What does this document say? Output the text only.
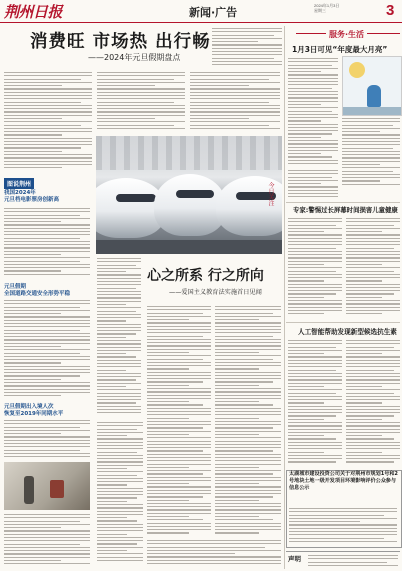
荆州日报	新闻·广告
2024年1月3日
星期三	3
消费旺 市场热 出行畅
——2024年元旦假期盘点
今日关注
图说荆州
我国2024年
元旦档电影票房创新高
元旦假期
全国道路交通安全形势平稳
元旦假期出入境人次
恢复至2019年同期水平
心之所系 行之所向
——爱国主义教育法实施首日见闻
服务·生活
1月3日可见“年度最大月亮”
专家:警惕过长屏幕时间损害儿童健康
人工智能帮助发现新型候选抗生素
太湖城市建设投资公司关于对荆州市规划1号和2号地块土地一级开发项目环境影响评价公众参与信息公示
声明
